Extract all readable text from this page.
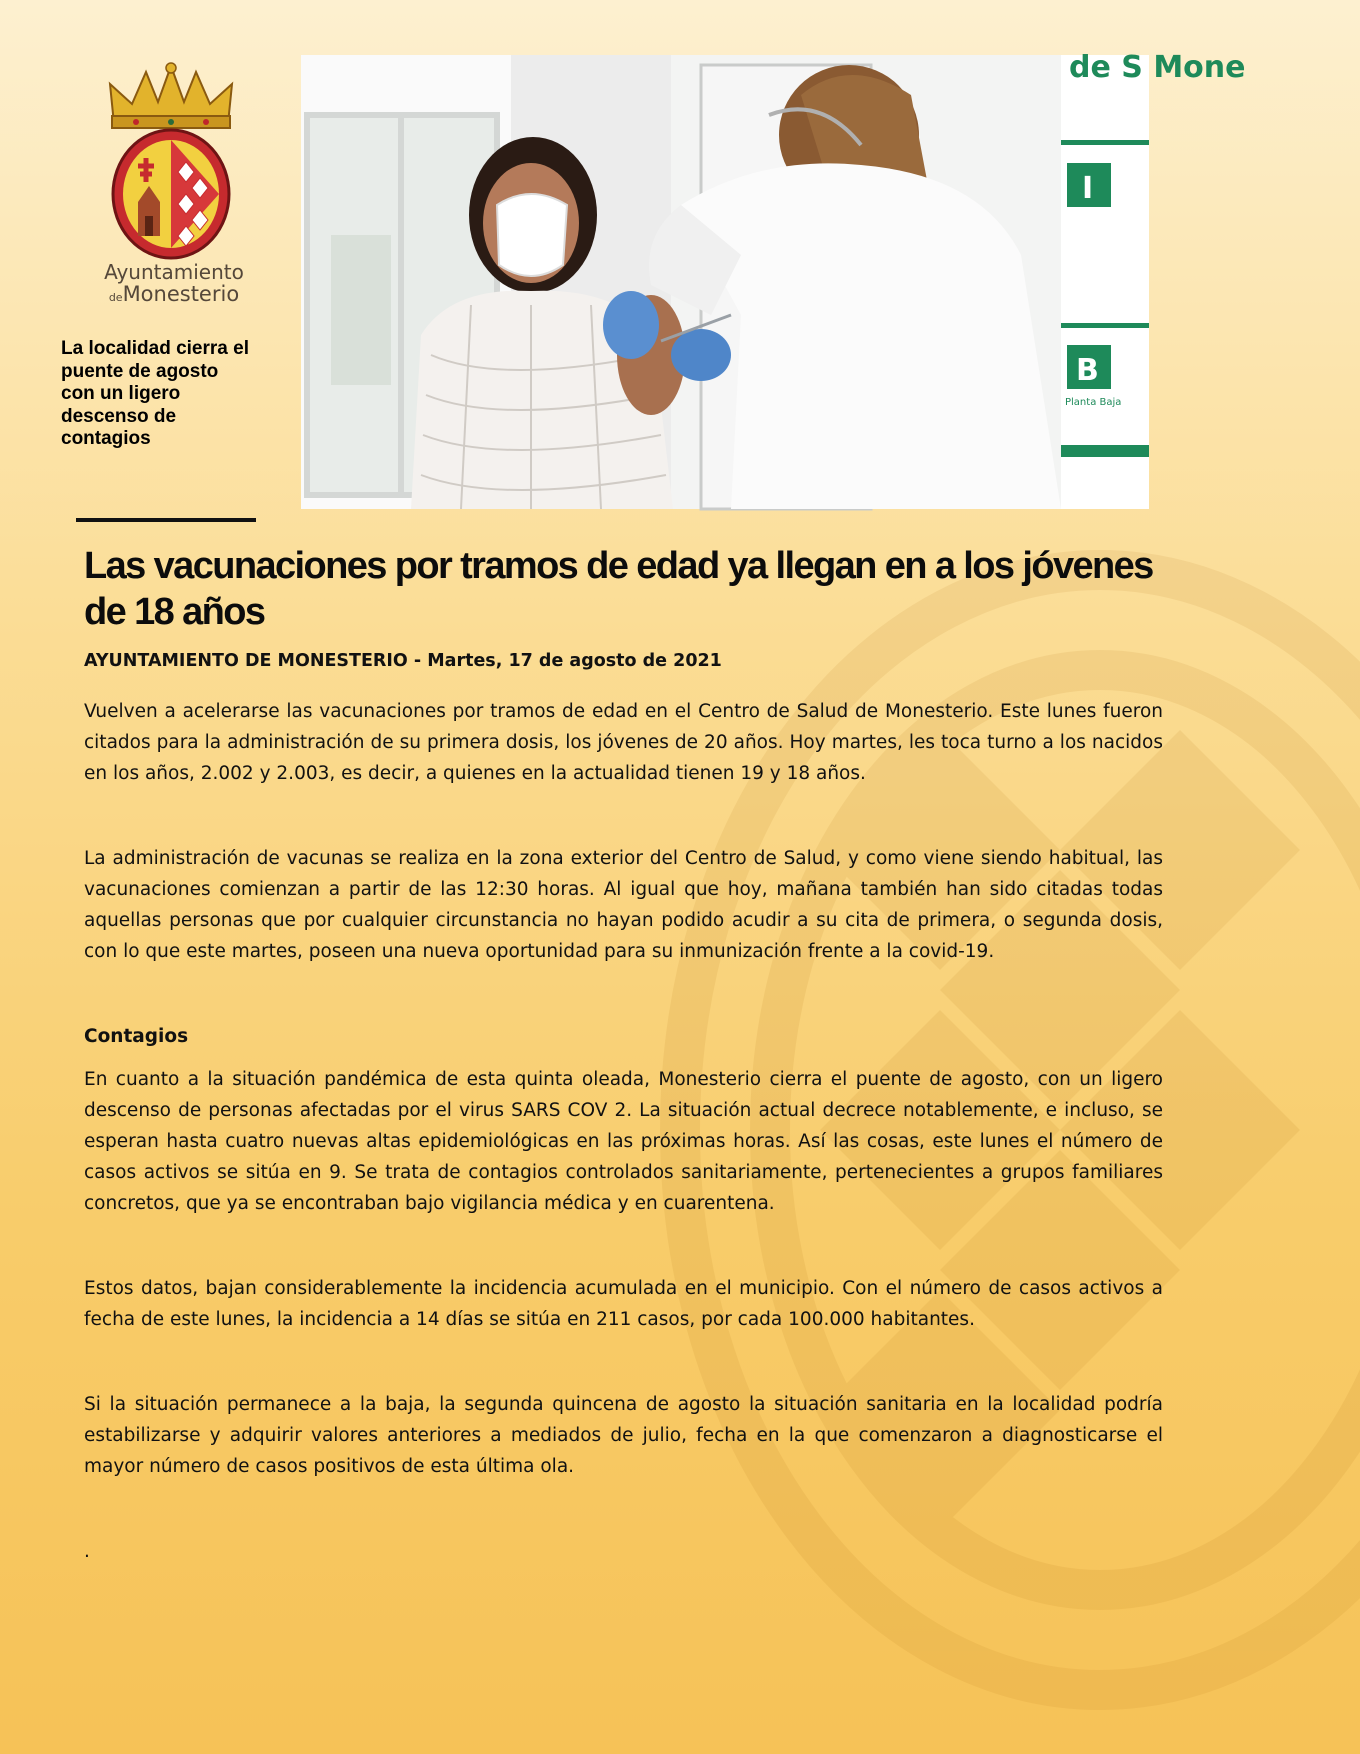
Ayuntamiento
deMonesterio
La localidad cierra el puente de agosto con un ligero descenso de contagios
de S Mone
I
B
Planta Baja
Las vacunaciones por tramos de edad ya llegan en a los jóvenes de 18 años
AYUNTAMIENTO DE MONESTERIO - Martes, 17 de agosto de 2021

Vuelven a acelerarse las vacunaciones por tramos de edad en el Centro de Salud de Monesterio. Este lunes fueron citados para la administración de su primera dosis, los jóvenes de 20 años. Hoy martes, les toca turno a los nacidos en los años, 2.002 y 2.003, es decir, a quienes en la actualidad tienen 19 y 18 años.

La administración de vacunas se realiza en la zona exterior del Centro de Salud, y como viene siendo habitual, las vacunaciones comienzan a partir de las 12:30 horas. Al igual que hoy, mañana también han sido citadas todas aquellas personas que por cualquier circunstancia no hayan podido acudir a su cita de primera, o segunda dosis, con lo que este martes, poseen una nueva oportunidad para su inmunización frente a la covid-19.

Contagios

En cuanto a la situación pandémica de esta quinta oleada, Monesterio cierra el puente de agosto, con un ligero descenso de personas afectadas por el virus SARS COV 2. La situación actual decrece notablemente, e incluso, se esperan hasta cuatro nuevas altas epidemiológicas en las próximas horas. Así las cosas, este lunes el número de casos activos se sitúa en 9. Se trata de contagios controlados sanitariamente, pertenecientes a grupos familiares concretos, que ya se encontraban bajo vigilancia médica y en cuarentena.

Estos datos, bajan considerablemente la incidencia acumulada en el municipio. Con el número de casos activos a fecha de este lunes, la incidencia a 14 días se sitúa en 211 casos, por cada 100.000 habitantes.

Si la situación permanece a la baja, la segunda quincena de agosto la situación sanitaria en la localidad podría estabilizarse y adquirir valores anteriores a mediados de julio, fecha en la que comenzaron a diagnosticarse el mayor número de casos positivos de esta última ola.

.
